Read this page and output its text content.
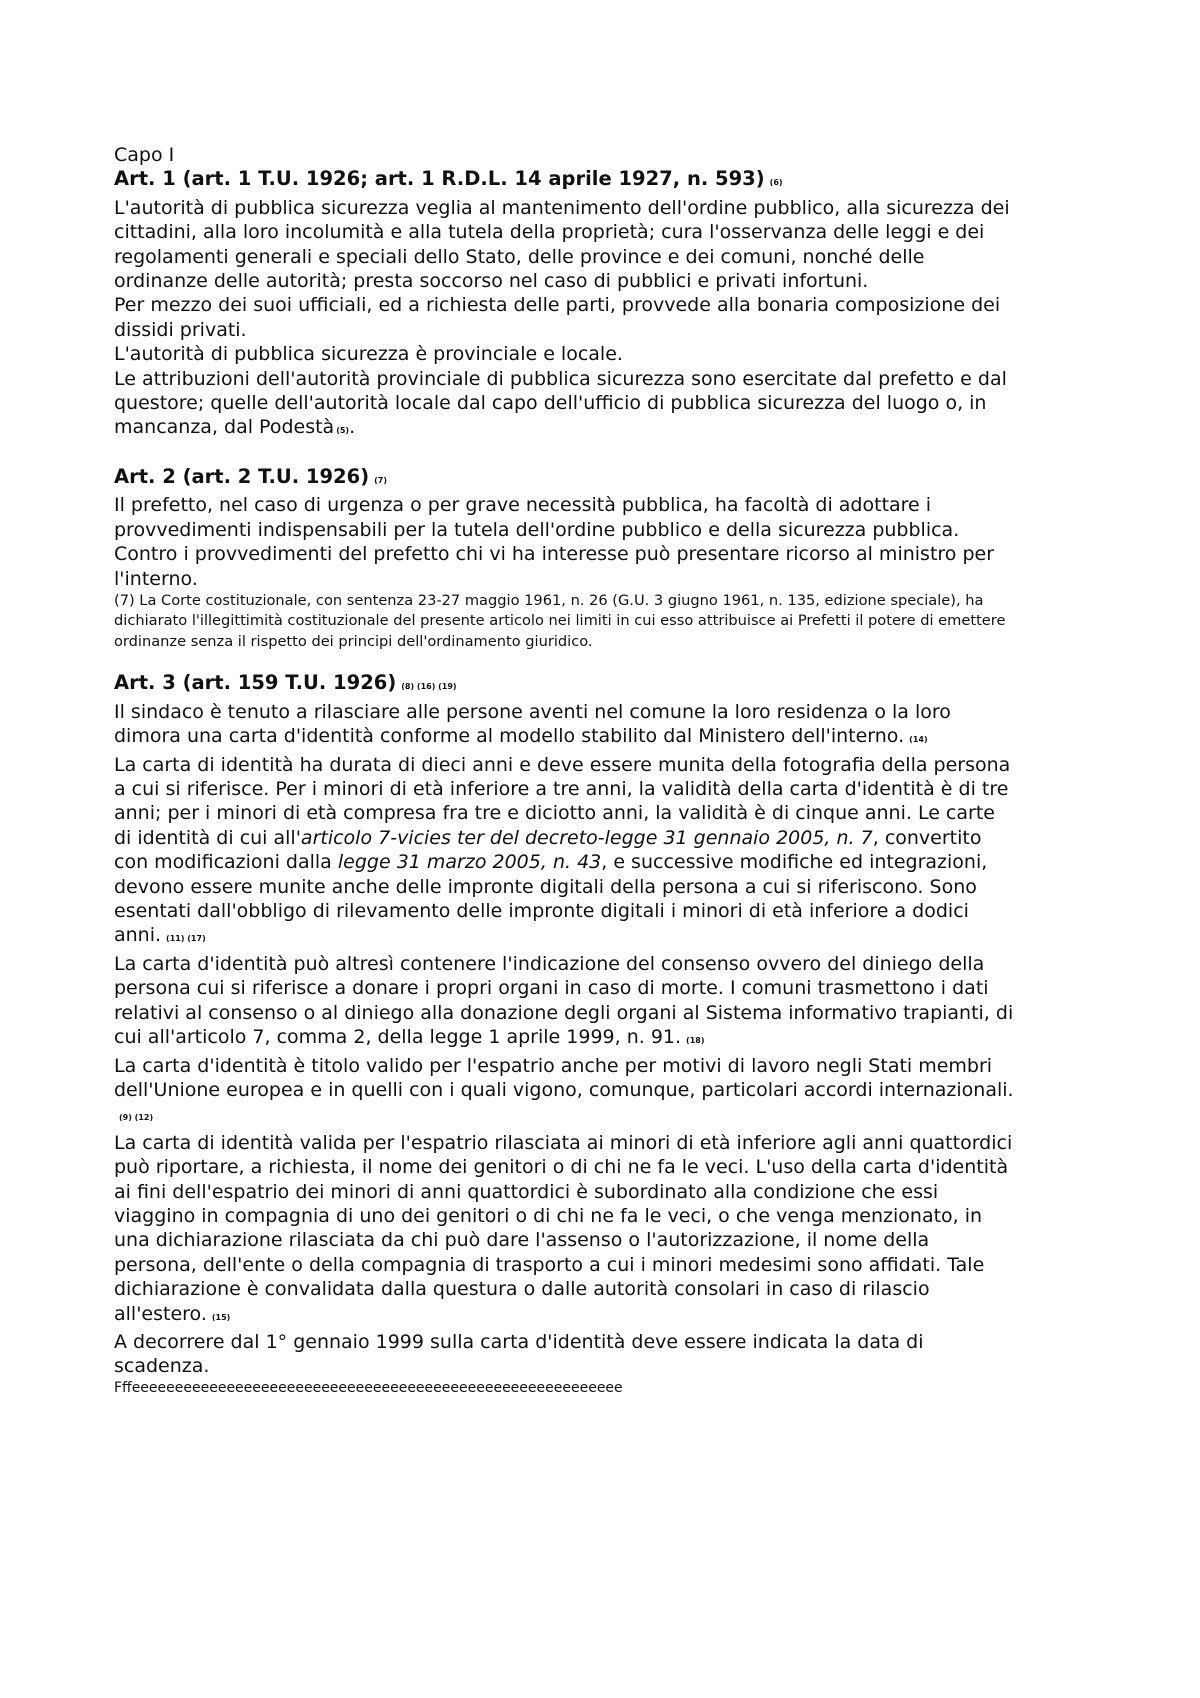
Capo I

Art. 1 (art. 1 T.U. 1926; art. 1 R.D.L. 14 aprile 1927, n. 593) (6)

L'autorità di pubblica sicurezza veglia al mantenimento dell'ordine pubblico, alla sicurezza dei cittadini, alla loro incolumità e alla tutela della proprietà; cura l'osservanza delle leggi e dei regolamenti generali e speciali dello Stato, delle province e dei comuni, nonché delle ordinanze delle autorità; presta soccorso nel caso di pubblici e privati infortuni.

Per mezzo dei suoi ufficiali, ed a richiesta delle parti, provvede alla bonaria composizione dei dissidi privati.

L'autorità di pubblica sicurezza è provinciale e locale.

Le attribuzioni dell'autorità provinciale di pubblica sicurezza sono esercitate dal prefetto e dal questore; quelle dell'autorità locale dal capo dell'ufficio di pubblica sicurezza del luogo o, in mancanza, dal Podestà (5).

Art. 2 (art. 2 T.U. 1926) (7)

Il prefetto, nel caso di urgenza o per grave necessità pubblica, ha facoltà di adottare i provvedimenti indispensabili per la tutela dell'ordine pubblico e della sicurezza pubblica.

Contro i provvedimenti del prefetto chi vi ha interesse può presentare ricorso al ministro per l'interno.

(7) La Corte costituzionale, con sentenza 23-27 maggio 1961, n. 26 (G.U. 3 giugno 1961, n. 135, edizione speciale), ha dichiarato l'illegittimità costituzionale del presente articolo nei limiti in cui esso attribuisce ai Prefetti il potere di emettere ordinanze senza il rispetto dei principi dell'ordinamento giuridico.

Art. 3 (art. 159 T.U. 1926) (8) (16) (19)

Il sindaco è tenuto a rilasciare alle persone aventi nel comune la loro residenza o la loro dimora una carta d'identità conforme al modello stabilito dal Ministero dell'interno. (14)

La carta di identità ha durata di dieci anni e deve essere munita della fotografia della persona a cui si riferisce. Per i minori di età inferiore a tre anni, la validità della carta d'identità è di tre anni; per i minori di età compresa fra tre e diciotto anni, la validità è di cinque anni. Le carte di identità di cui all'articolo 7-vicies ter del decreto-legge 31 gennaio 2005, n. 7, convertito con modificazioni dalla legge 31 marzo 2005, n. 43, e successive modifiche ed integrazioni, devono essere munite anche delle impronte digitali della persona a cui si riferiscono. Sono esentati dall'obbligo di rilevamento delle impronte digitali i minori di età inferiore a dodici anni. (11) (17)

La carta d'identità può altresì contenere l'indicazione del consenso ovvero del diniego della persona cui si riferisce a donare i propri organi in caso di morte. I comuni trasmettono i dati relativi al consenso o al diniego alla donazione degli organi al Sistema informativo trapianti, di cui all'articolo 7, comma 2, della legge 1 aprile 1999, n. 91. (18)

La carta d'identità è titolo valido per l'espatrio anche per motivi di lavoro negli Stati membri dell'Unione europea e in quelli con i quali vigono, comunque, particolari accordi internazionali.(9) (12)

La carta di identità valida per l'espatrio rilasciata ai minori di età inferiore agli anni quattordici può riportare, a richiesta, il nome dei genitori o di chi ne fa le veci. L'uso della carta d'identità ai fini dell'espatrio dei minori di anni quattordici è subordinato alla condizione che essi viaggino in compagnia di uno dei genitori o di chi ne fa le veci, o che venga menzionato, in una dichiarazione rilasciata da chi può dare l'assenso o l'autorizzazione, il nome della persona, dell'ente o della compagnia di trasporto a cui i minori medesimi sono affidati. Tale dichiarazione è convalidata dalla questura o dalle autorità consolari in caso di rilascio all'estero. (15)

A decorrere dal 1° gennaio 1999 sulla carta d'identità deve essere indicata la data di scadenza.

Fffeeeeeeeeeeeeeeeeeeeeeeeeeeeeeeeeeeeeeeeeeeeeeeeeeeeeeeeee
